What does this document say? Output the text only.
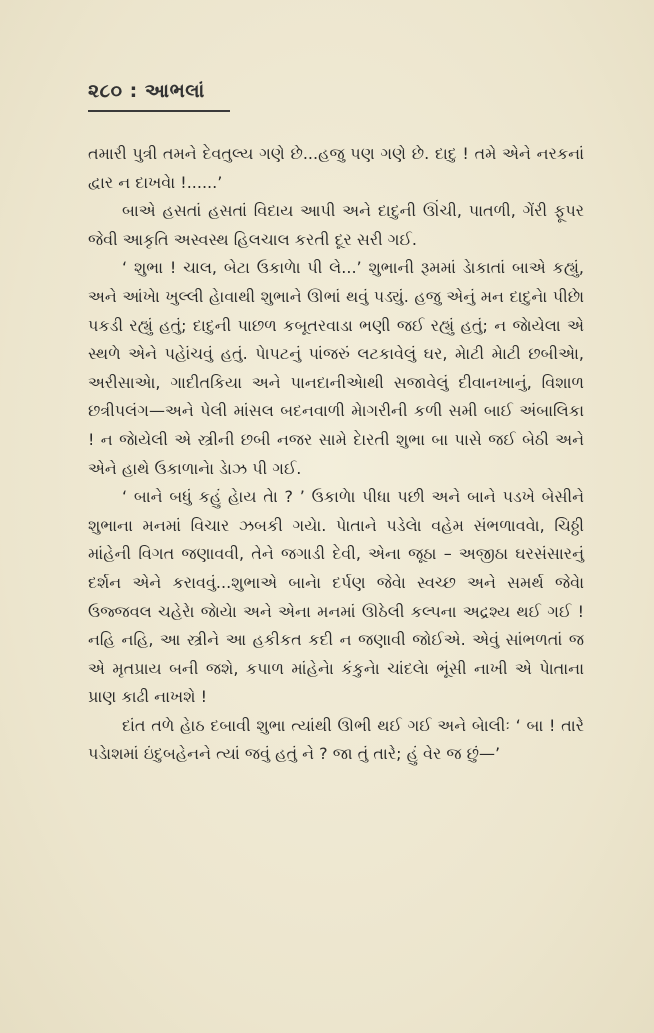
૨૮૦ : આભલાં

તમારી પુત્રી તમને દેવતુલ્ય ગણે છે...હજુ પણ ગણે છે. દાદુ ! તમે એને નરકનાં દ્વાર ન દાખવેા !......’

બાએ હસતાં હસતાં વિદાય આપી અને દાદુની ઊંચી, પાતળી, ગેંરી ફૂપર જેવી આકૃતિ અસ્વસ્થ હિલચાલ કરતી દૂર સરી ગઈ.

‘ શુભા ! ચાલ, બેટા ઉકાળેા પી લે...’ શુભાની રૂમમાં ડેાકાતાં બાએ કહ્યું, અને આંખેા ખુલ્લી હેાવાથી શુભાને ઊભાં થવું પડ્યું. હજુ એનું મન દાદુનેા પીછેા પકડી રહ્યું હતું; દાદુની પાછળ કબૂતરવાડા ભણી જઈ રહ્યું હતું; ન જેાયેલા એ સ્થળે એને પહેાંચવું હતું. પેાપટનું પાંજરું લટકાવેલું ઘર, મેાટી મેાટી છબીએા, અરીસાએા, ગાદીતકિયા અને પાનદાનીએાથી સજાવેલું દીવાનખાનું, વિશાળ છત્રીપલંગ—અને પેલી માંસલ બદનવાળી મેાગરીની કળી સમી બાઈ અંબાલિકા ! ન જેાયેલી એ સ્ત્રીની છબી નજર સામે દેારતી શુભા બા પાસે જઈ બેઠી અને એને હાથે ઉકાળાનેા ડેાઝ પી ગઈ.

‘ બાને બધું કહું હેાય તેા ? ’ ઉકાળેા પીધા પછી અને બાને પડખે બેસીને શુભાના મનમાં વિચાર ઝબકી ગયેા. પેાતાને પડેલેા વહેમ સંભળાવવેા, ચિઠ્ઠી માંહેની વિગત જણાવવી, તેને જગાડી દેવી, એના જૂઠા – અજીઠા ઘરસંસારનું દર્શન એને કરાવવું...શુભાએ બાનેા દર્પણ જેવેા સ્વચ્છ અને સમર્થ જેવેા ઉજ્જવલ ચહેરેા જેાયેા અને એના મનમાં ઊઠેલી કલ્પના અદ્રશ્ય થઈ ગઈ ! નહિ નહિ, આ સ્ત્રીને આ હકીકત કદી ન જણાવી જોઈએ. એવું સાંભળતાં જ એ મૃતપ્રાય બની જશે, કપાળ માંહેનેા કંકુનેા ચાંદલેા ભૂંસી નાખી એ પેાતાના પ્રાણ કાઢી નાખશે !

દાંત તળે હેાઠ દબાવી શુભા ત્યાંથી ઊભી થઈ ગઈ અને બેાલીઃ ‘ બા ! તારે પડેાશમાં ઇંદુબહેનને ત્યાં જવું હતું ને ? જા તું તારે; હું વેર જ છું—’
